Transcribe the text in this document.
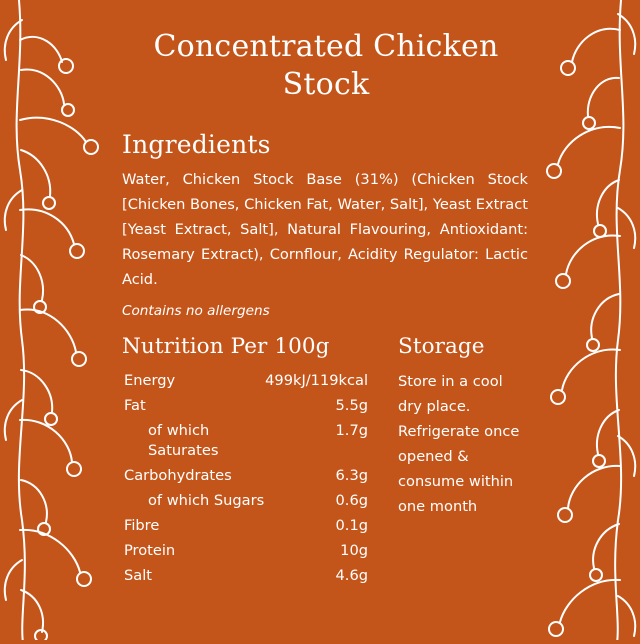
Concentrated Chicken Stock
Ingredients

Water, Chicken Stock Base (31%) (Chicken Stock [Chicken Bones, Chicken Fat, Water, Salt], Yeast Extract [Yeast Extract, Salt], Natural Flavouring, Antioxidant: Rosemary Extract), Cornflour, Acidity Regulator: Lactic Acid.

Contains no allergens
Nutrition Per 100g
Energy	499kJ/119kcal
Fat	5.5g
of which Saturates	1.7g
Carbohydrates	6.3g
of which Sugars	0.6g
Fibre	0.1g
Protein	10g
Salt	4.6g
Storage
Store in a cool dry place. Refrigerate once opened & consume within one month
